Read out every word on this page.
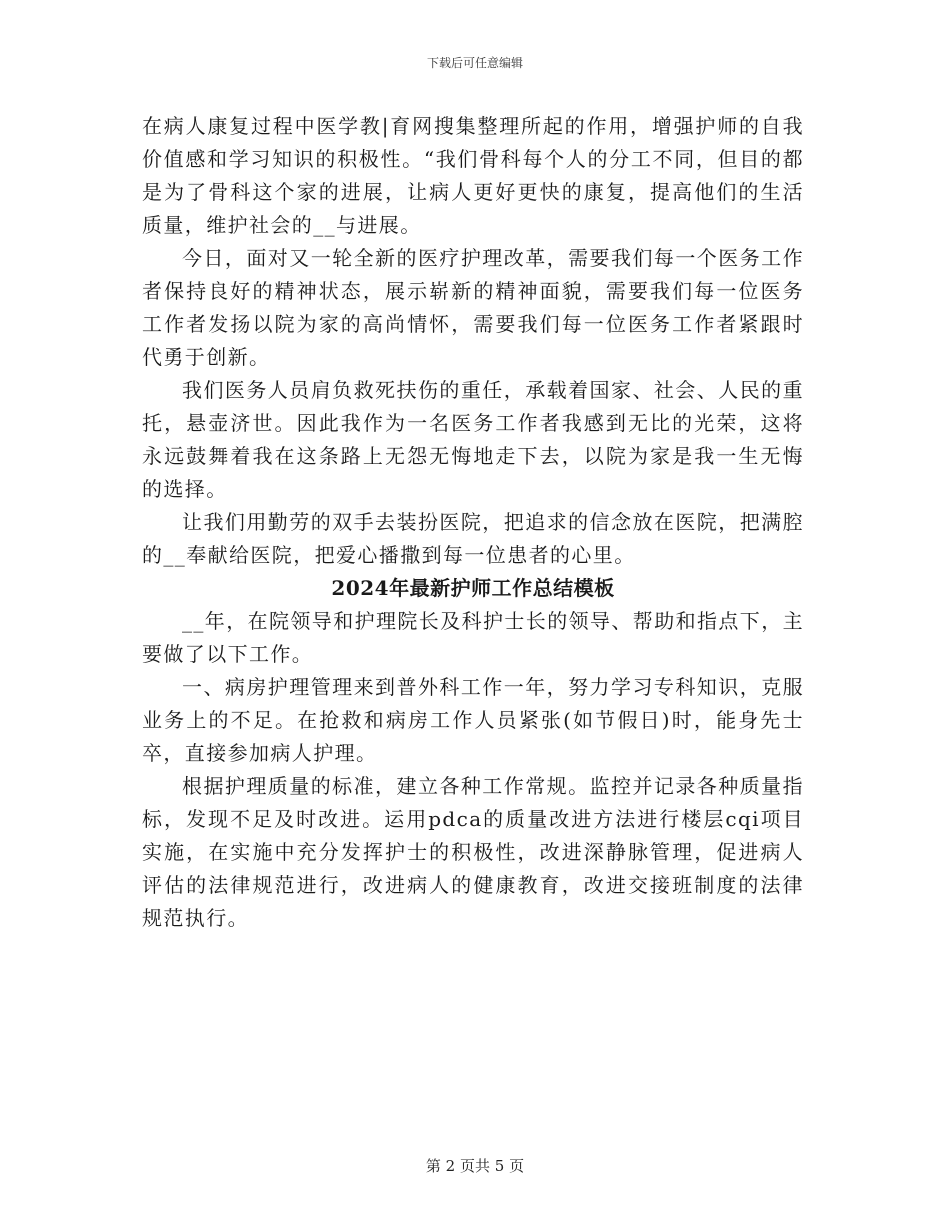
下载后可任意编辑

在病人康复过程中医学教|育网搜集整理所起的作用，增强护师的自我价值感和学习知识的积极性。“我们骨科每个人的分工不同，但目的都是为了骨科这个家的进展，让病人更好更快的康复，提高他们的生活质量，维护社会的__与进展。

今日，面对又一轮全新的医疗护理改革，需要我们每一个医务工作者保持良好的精神状态，展示崭新的精神面貌，需要我们每一位医务工作者发扬以院为家的高尚情怀，需要我们每一位医务工作者紧跟时代勇于创新。

我们医务人员肩负救死扶伤的重任，承载着国家、社会、人民的重托，悬壶济世。因此我作为一名医务工作者我感到无比的光荣，这将永远鼓舞着我在这条路上无怨无悔地走下去，以院为家是我一生无悔的选择。

让我们用勤劳的双手去装扮医院，把追求的信念放在医院，把满腔的__奉献给医院，把爱心播撒到每一位患者的心里。

2024年最新护师工作总结模板

__年，在院领导和护理院长及科护士长的领导、帮助和指点下，主要做了以下工作。

一、病房护理管理来到普外科工作一年，努力学习专科知识，克服业务上的不足。在抢救和病房工作人员紧张(如节假日)时，能身先士卒，直接参加病人护理。

根据护理质量的标准，建立各种工作常规。监控并记录各种质量指标，发现不足及时改进。运用pdca的质量改进方法进行楼层cqi项目实施，在实施中充分发挥护士的积极性，改进深静脉管理，促进病人评估的法律规范进行，改进病人的健康教育，改进交接班制度的法律规范执行。

第 2 页共 5 页
